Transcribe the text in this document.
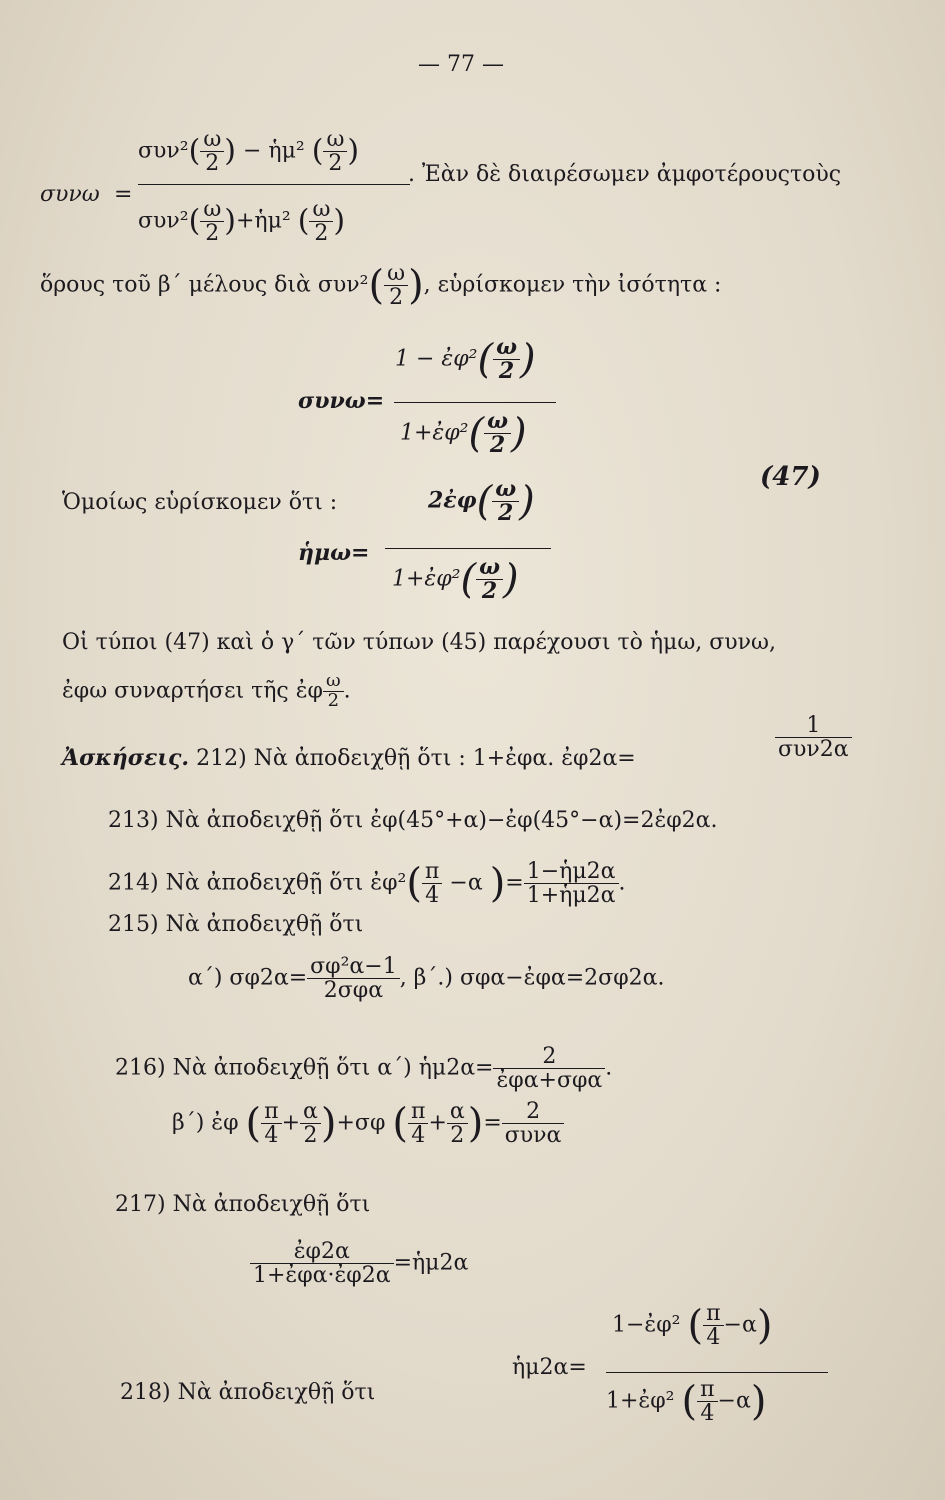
— 77 —
συνω =
$\sigma\upsilon\nu^2( \frac{\omega}{2}$ ) − ἡμ² ( $\frac{\omega}{2}$ )
$\sigma\upsilon\nu^2( \frac{\omega}{2}$ )+ἡμ² ( $\frac{\omega}{2}$ )
. Ἐὰν δὲ διαιρέσωμεν ἀμφοτέρουςτοὺς
ὅρους τοῦ β΄ μέλους διὰ $\sigma\upsilon\nu^2( \frac{\omega}{2}$ ), εὑρίσκομεν τὴν ἰσότητα :
συνω=
1 − ἐφ²( $\frac{\omega}{2}$ )
1+ἐφ²( $\frac{\omega}{2}$ )
(47)
Ὁμοίως εὑρίσκομεν ὅτι :	2ἐφ( $\frac{\omega}{2}$ )
ἡμω=
1+ἐφ²( $\frac{\omega}{2}$ )
Οἱ τύποι (47) καὶ ὁ γ΄ τῶν τύπων (45) παρέχουσι τὸ ἡμω, συνω,
ἐφω συναρτήσει τῆς ἐφ $\frac{\omega}{2}$ .
Ἀσκήσεις. 212) Νὰ ἀποδειχθῇ ὅτι : 1+ἐφα. ἐφ2α=	$\frac{1}{\text{συν2α}}$
213) Νὰ ἀποδειχθῇ ὅτι ἐφ(45°+α)−ἐφ(45°−α)=2ἐφ2α.
214) Νὰ ἀποδειχθῇ ὅτι ἐφ²( $\frac{\pi}{4} -\alpha$ )= $\frac{\text{1−ἡμ2α}}{\text{1+ἡμ2α}}$ .
215) Νὰ ἀποδειχθῇ ὅτι
α΄) $\sigma\varphi 2\alpha= \frac{\text{σφ²α−1}}{\text{2σφα}}$ , β΄.) σφα−ἐφα=2σφ2α.
216) Νὰ ἀποδειχθῇ ὅτι α΄) ἡμ2α= $\frac{2}{\text{ἐφα+σφα}}$ .
β΄) ἐφ ( $\frac{\pi}{4} + \frac{\alpha}{2} )+\sigma\varphi$ ( $\frac{\pi}{4} + \frac{\alpha}{2}$ )= $\frac{2}{\text{συνα}}$
217) Νὰ ἀποδειχθῇ ὅτι
$\frac{\text{ἐφ2α}}{\text{1+ἐφα·ἐφ2α}}$ =ἡμ2α
218) Νὰ ἀποδειχθῇ ὅτι
ἡμ2α=
1−ἐφ² ( $\frac{\pi}{4} -\alpha$)
1+ἐφ² ( $\frac{\pi}{4} -\alpha$)
